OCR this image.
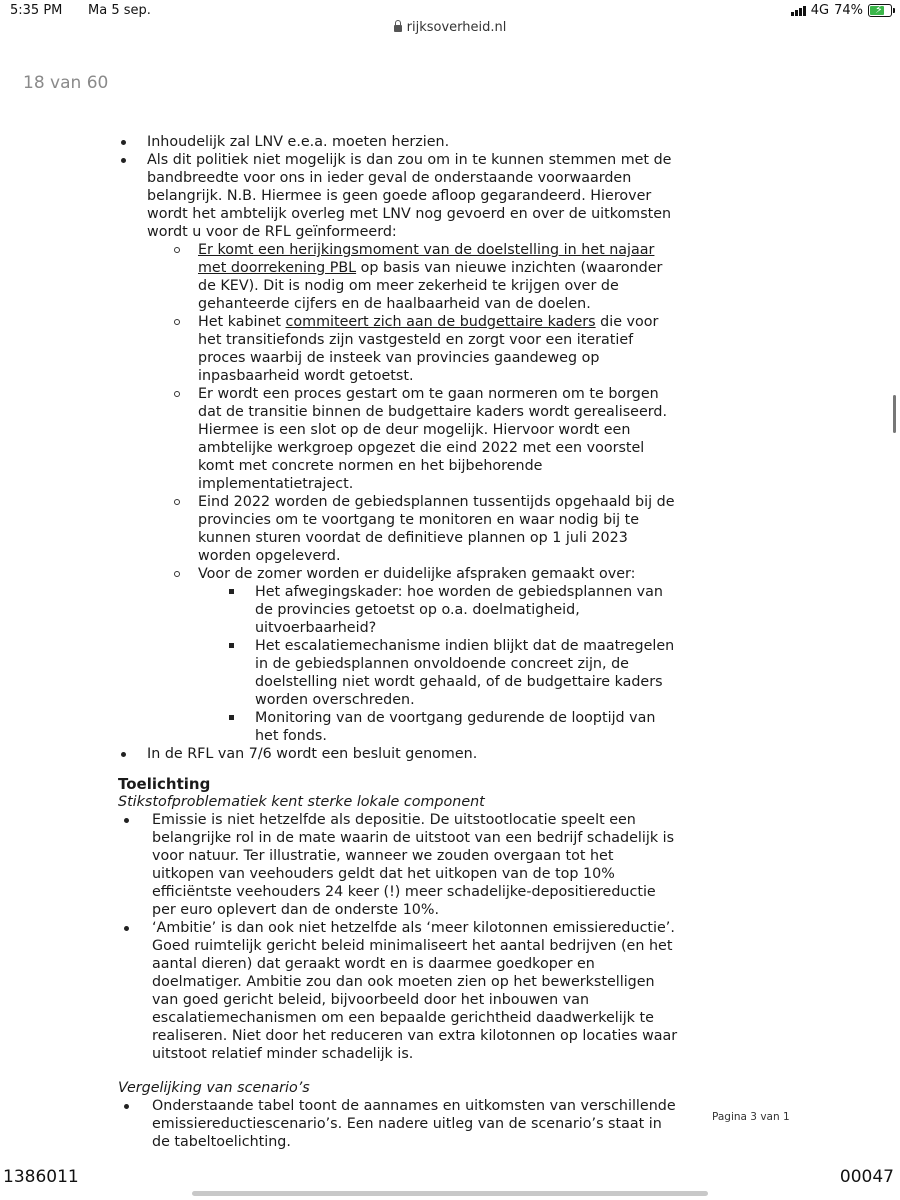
5:35 PM Ma 5 sep.	4G 74% ⚡
rijksoverheid.nl
18 van 60
Inhoudelijk zal LNV e.e.a. moeten herzien.
Als dit politiek niet mogelijk is dan zou om in te kunnen stemmen met de bandbreedte voor ons in ieder geval de onderstaande voorwaarden belangrijk. N.B. Hiermee is geen goede afloop gegarandeerd. Hierover wordt het ambtelijk overleg met LNV nog gevoerd en over de uitkomsten wordt u voor de RFL geïnformeerd:
Er komt een herijkingsmoment van de doelstelling in het najaar met doorrekening PBL op basis van nieuwe inzichten (waaronder de KEV). Dit is nodig om meer zekerheid te krijgen over de gehanteerde cijfers en de haalbaarheid van de doelen.
Het kabinet commiteert zich aan de budgettaire kaders die voor het transitiefonds zijn vastgesteld en zorgt voor een iteratief proces waarbij de insteek van provincies gaandeweg op inpasbaarheid wordt getoetst.
Er wordt een proces gestart om te gaan normeren om te borgen dat de transitie binnen de budgettaire kaders wordt gerealiseerd. Hiermee is een slot op de deur mogelijk. Hiervoor wordt een ambtelijke werkgroep opgezet die eind 2022 met een voorstel komt met concrete normen en het bijbehorende implementatietraject.
Eind 2022 worden de gebiedsplannen tussentijds opgehaald bij de provincies om te voortgang te monitoren en waar nodig bij te kunnen sturen voordat de definitieve plannen op 1 juli 2023 worden opgeleverd.
Voor de zomer worden er duidelijke afspraken gemaakt over:
Het afwegingskader: hoe worden de gebiedsplannen van de provincies getoetst op o.a. doelmatigheid, uitvoerbaarheid?
Het escalatiemechanisme indien blijkt dat de maatregelen in de gebiedsplannen onvoldoende concreet zijn, de doelstelling niet wordt gehaald, of de budgettaire kaders worden overschreden.
Monitoring van de voortgang gedurende de looptijd van het fonds.
In de RFL van 7/6 wordt een besluit genomen.
Toelichting
Stikstofproblematiek kent sterke lokale component
Emissie is niet hetzelfde als depositie. De uitstootlocatie speelt een belangrijke rol in de mate waarin de uitstoot van een bedrijf schadelijk is voor natuur. Ter illustratie, wanneer we zouden overgaan tot het uitkopen van veehouders geldt dat het uitkopen van de top 10% efficiëntste veehouders 24 keer (!) meer schadelijke-depositiereductie per euro oplevert dan de onderste 10%.
‘Ambitie’ is dan ook niet hetzelfde als ‘meer kilotonnen emissiereductie’. Goed ruimtelijk gericht beleid minimaliseert het aantal bedrijven (en het aantal dieren) dat geraakt wordt en is daarmee goedkoper en doelmatiger. Ambitie zou dan ook moeten zien op het bewerkstelligen van goed gericht beleid, bijvoorbeeld door het inbouwen van escalatiemechanismen om een bepaalde gerichtheid daadwerkelijk te realiseren. Niet door het reduceren van extra kilotonnen op locaties waar uitstoot relatief minder schadelijk is.
Vergelijking van scenario’s
Onderstaande tabel toont de aannames en uitkomsten van verschillende emissiereductiescenario’s. Een nadere uitleg van de scenario’s staat in de tabeltoelichting.
Pagina 3 van 1
1386011	00047
